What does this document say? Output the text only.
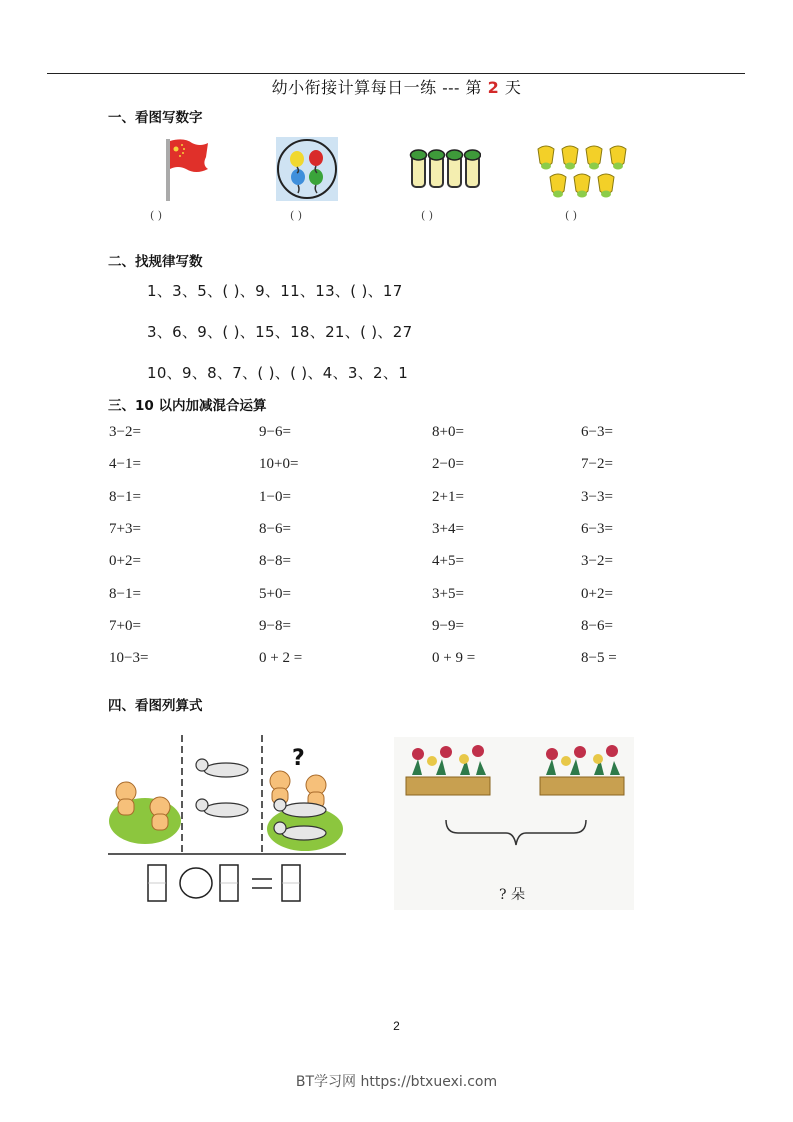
幼小衔接计算每日一练 --- 第 2 天
一、看图写数字
( )	( )	( )	( )
二、找规律写数
1、3、5、( )、9、11、13、( )、17
3、6、9、( )、15、18、21、( )、27
10、9、8、7、( )、( )、4、3、2、1
三、10 以内加减混合运算
3−2=	9−6=	8+0=	6−3=
4−1=	10+0=	2−0=	7−2=
8−1=	1−0=	2+1=	3−3=
7+3=	8−6=	3+4=	6−3=
0+2=	8−8=	4+5=	3−2=
8−1=	5+0=	3+5=	0+2=
7+0=	9−8=	9−9=	8−6=
10−3=	0 + 2 =	0 + 9 =	8−5 =
四、看图列算式
?
? 朵
2
BT学习网 https://btxuexi.com
